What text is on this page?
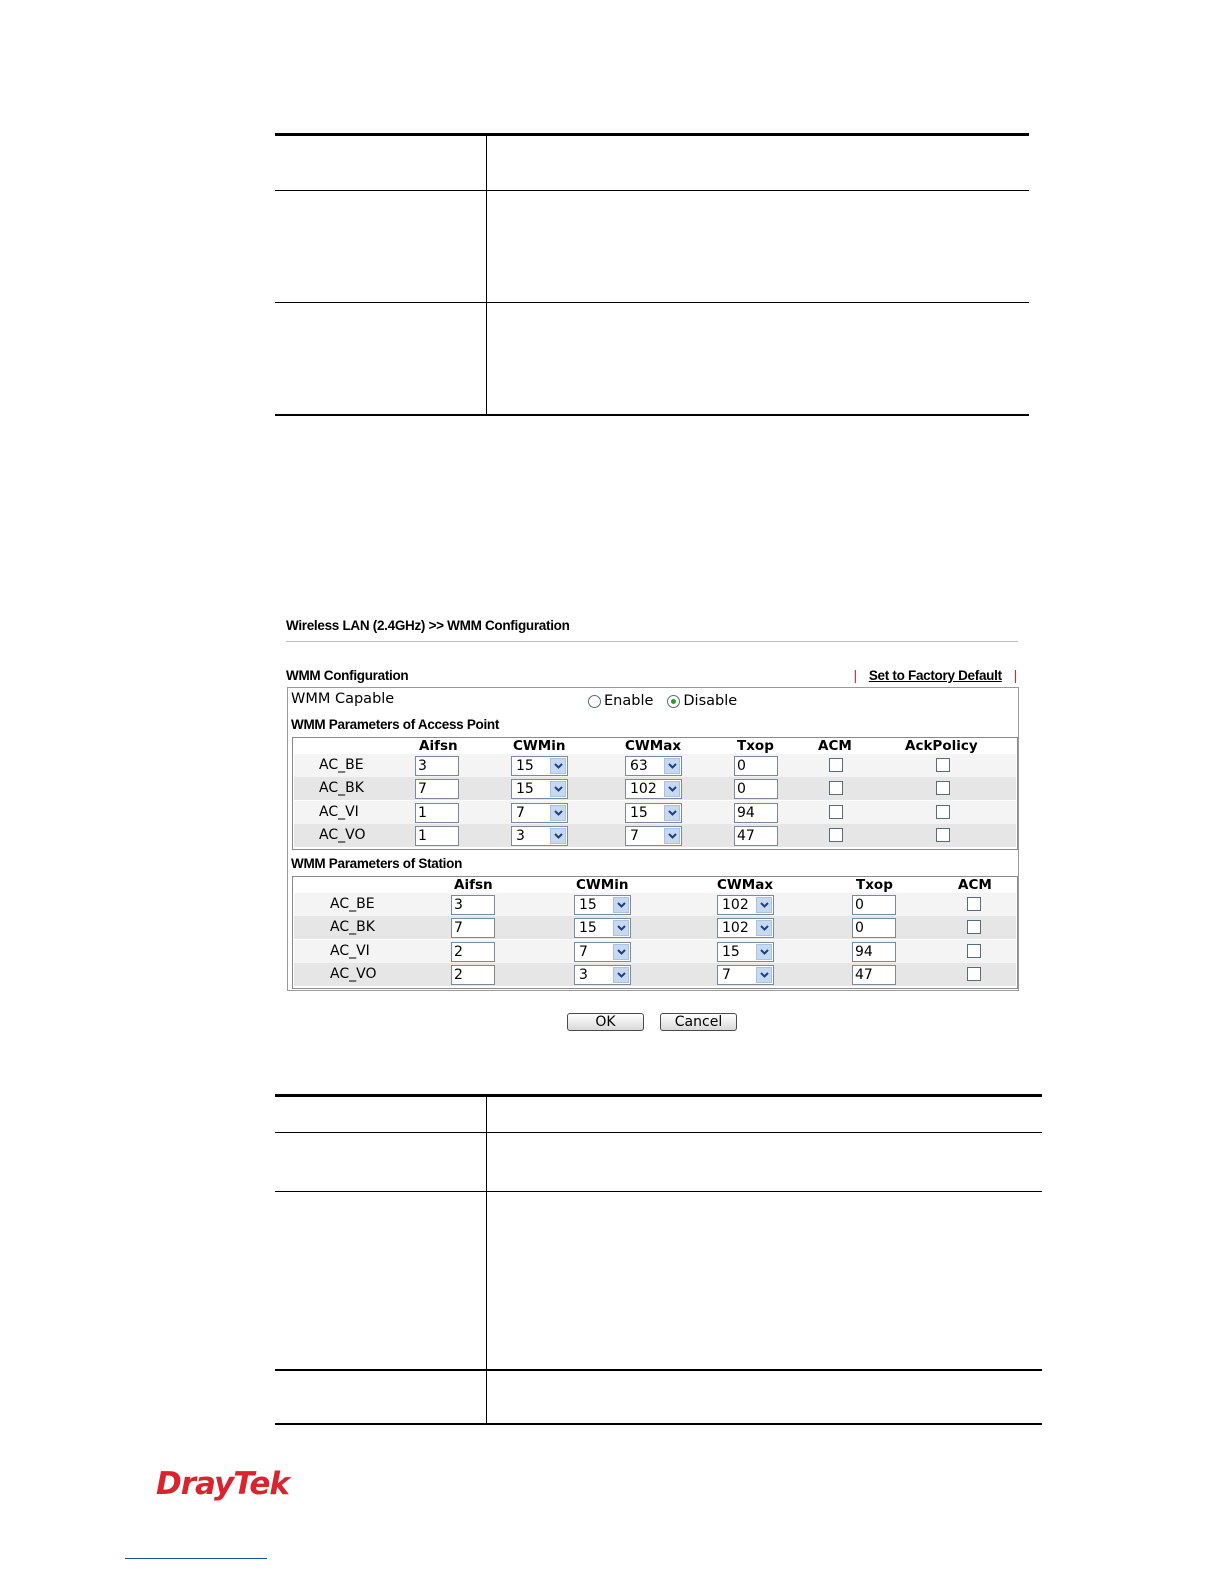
Wireless LAN (2.4GHz) >> WMM Configuration
WMM Configuration	| Set to Factory Default |
WMM Capable	Enable Disable
WMM Parameters of Access Point
Aifsn	CWMin	CWMax	Txop	ACM	AckPolicy
AC_BE	3	15	63	0
AC_BK	7	15	102	0
AC_VI	1	7	15	94
AC_VO	1	3	7	47
WMM Parameters of Station
Aifsn	CWMin	CWMax	Txop	ACM
AC_BE	3	15	102	0
AC_BK	7	15	102	0
AC_VI	2	7	15	94
AC_VO	2	3	7	47
OK	Cancel
DrayTek
